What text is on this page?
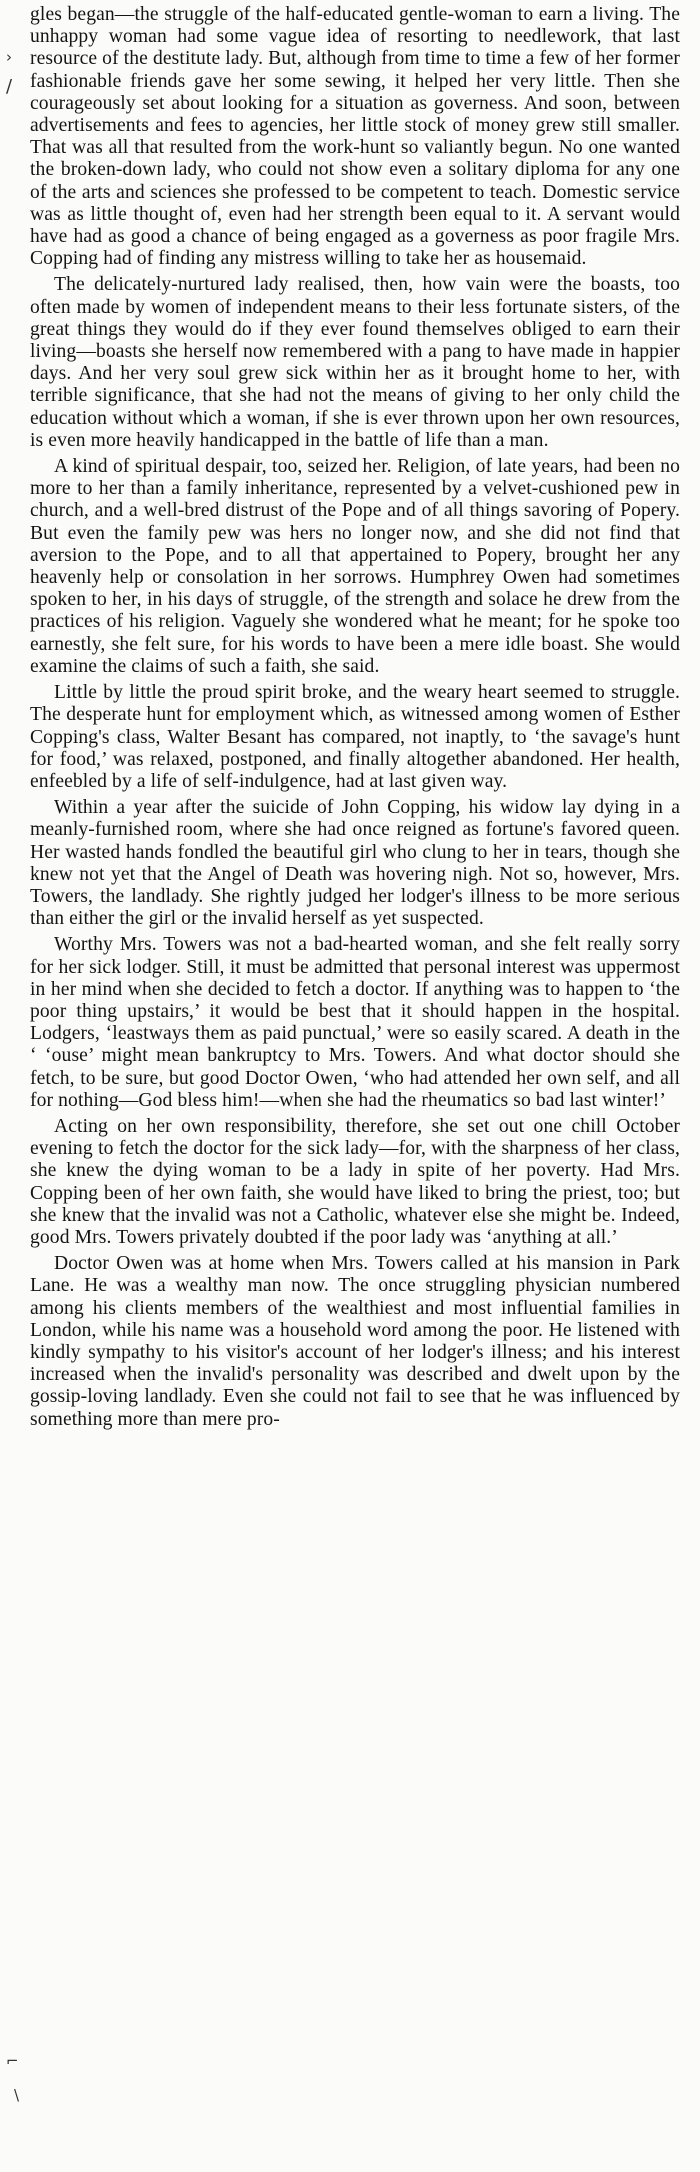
›
/
⌐
\

gles began—the struggle of the half-educated gentle-woman to earn a living. The unhappy woman had some vague idea of resorting to needlework, that last resource of the destitute lady. But, although from time to time a few of her former fashionable friends gave her some sewing, it helped her very little. Then she courageously set about looking for a situation as governess. And soon, between advertisements and fees to agencies, her little stock of money grew still smaller. That was all that resulted from the work-hunt so valiantly begun. No one wanted the broken-down lady, who could not show even a solitary diploma for any one of the arts and sciences she professed to be competent to teach. Domestic service was as little thought of, even had her strength been equal to it. A servant would have had as good a chance of being engaged as a governess as poor fragile Mrs. Copping had of finding any mistress willing to take her as housemaid.

The delicately-nurtured lady realised, then, how vain were the boasts, too often made by women of independent means to their less fortunate sisters, of the great things they would do if they ever found themselves obliged to earn their living—boasts she herself now remembered with a pang to have made in happier days. And her very soul grew sick within her as it brought home to her, with terrible significance, that she had not the means of giving to her only child the education without which a woman, if she is ever thrown upon her own resources, is even more heavily handicapped in the battle of life than a man.

A kind of spiritual despair, too, seized her. Religion, of late years, had been no more to her than a family inheritance, represented by a velvet-cushioned pew in church, and a well-bred distrust of the Pope and of all things savoring of Popery. But even the family pew was hers no longer now, and she did not find that aversion to the Pope, and to all that appertained to Popery, brought her any heavenly help or consolation in her sorrows. Humphrey Owen had sometimes spoken to her, in his days of struggle, of the strength and solace he drew from the practices of his religion. Vaguely she wondered what he meant; for he spoke too earnestly, she felt sure, for his words to have been a mere idle boast. She would examine the claims of such a faith, she said.

Little by little the proud spirit broke, and the weary heart seemed to struggle. The desperate hunt for employment which, as witnessed among women of Esther Copping's class, Walter Besant has compared, not inaptly, to ‘the savage's hunt for food,’ was relaxed, postponed, and finally altogether abandoned. Her health, enfeebled by a life of self-indulgence, had at last given way.

Within a year after the suicide of John Copping, his widow lay dying in a meanly-furnished room, where she had once reigned as fortune's favored queen. Her wasted hands fondled the beautiful girl who clung to her in tears, though she knew not yet that the Angel of Death was hovering nigh. Not so, however, Mrs. Towers, the landlady. She rightly judged her lodger's illness to be more serious than either the girl or the invalid herself as yet suspected.

Worthy Mrs. Towers was not a bad-hearted woman, and she felt really sorry for her sick lodger. Still, it must be admitted that personal interest was uppermost in her mind when she decided to fetch a doctor. If anything was to happen to ‘the poor thing upstairs,’ it would be best that it should happen in the hospital. Lodgers, ‘leastways them as paid punctual,’ were so easily scared. A death in the ‘ ‘ouse’ might mean bankruptcy to Mrs. Towers. And what doctor should she fetch, to be sure, but good Doctor Owen, ‘who had attended her own self, and all for nothing—God bless him!—when she had the rheumatics so bad last winter!’

Acting on her own responsibility, therefore, she set out one chill October evening to fetch the doctor for the sick lady—for, with the sharpness of her class, she knew the dying woman to be a lady in spite of her poverty. Had Mrs. Copping been of her own faith, she would have liked to bring the priest, too; but she knew that the invalid was not a Catholic, whatever else she might be. Indeed, good Mrs. Towers privately doubted if the poor lady was ‘anything at all.’

Doctor Owen was at home when Mrs. Towers called at his mansion in Park Lane. He was a wealthy man now. The once struggling physician numbered among his clients members of the wealthiest and most influential families in London, while his name was a household word among the poor. He listened with kindly sympathy to his visitor's account of her lodger's illness; and his interest increased when the invalid's personality was described and dwelt upon by the gossip-loving landlady. Even she could not fail to see that he was influenced by something more than mere pro-
